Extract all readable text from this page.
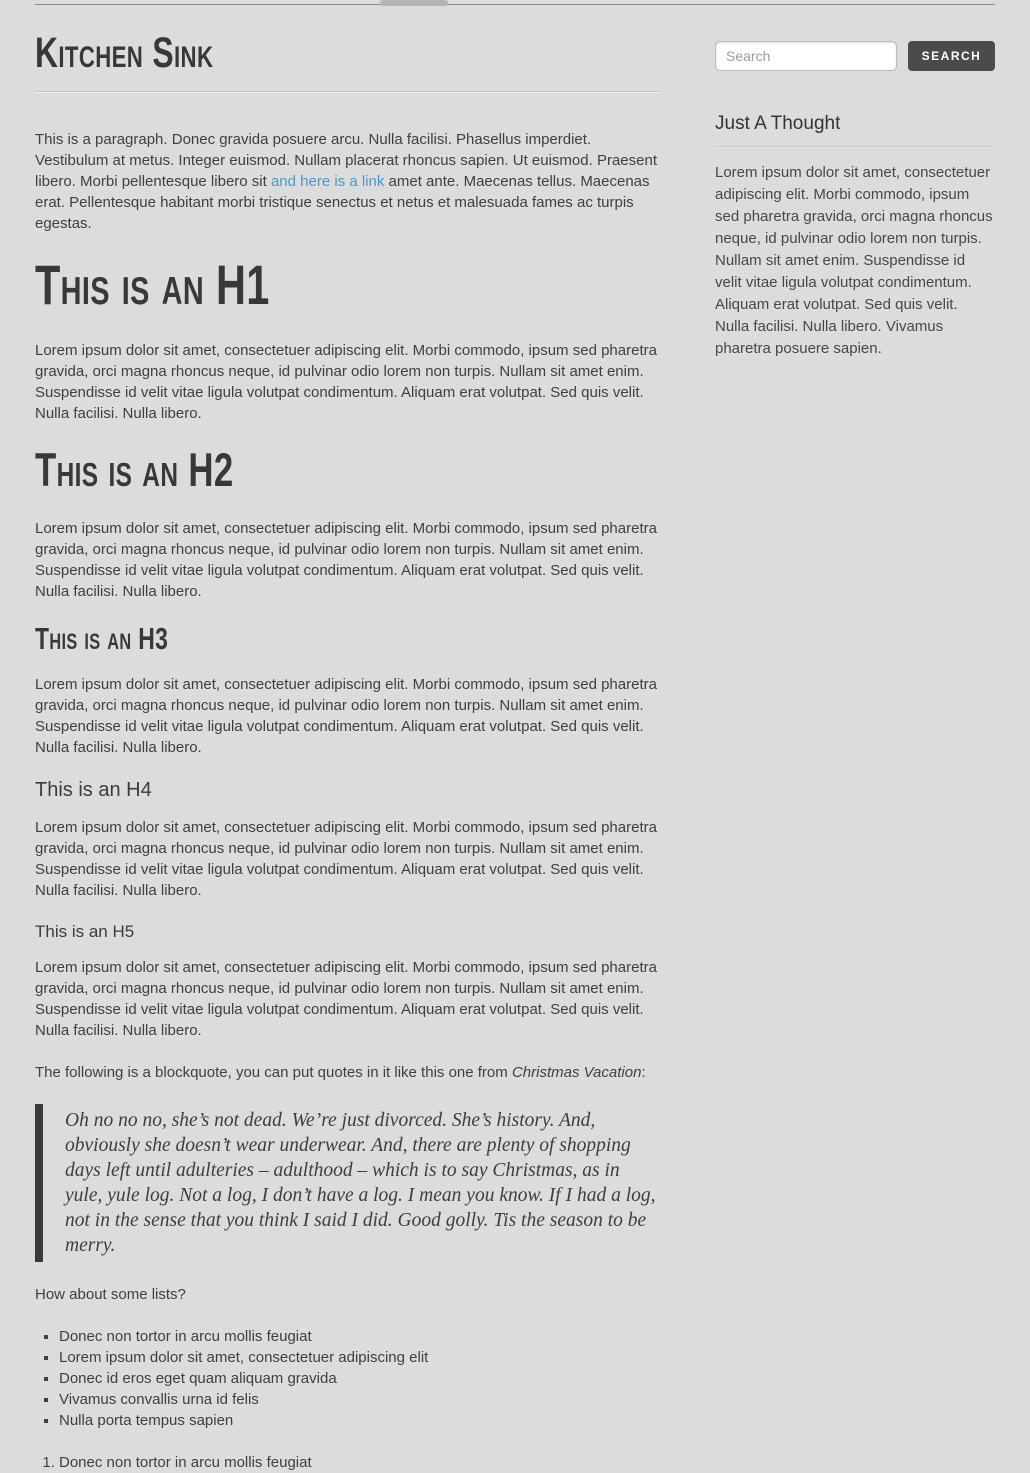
Kitchen Sink

This is a paragraph. Donec gravida posuere arcu. Nulla facilisi. Phasellus imperdiet. Vestibulum at metus. Integer euismod. Nullam placerat rhoncus sapien. Ut euismod. Praesent libero. Morbi pellentesque libero sit and here is a link amet ante. Maecenas tellus. Maecenas erat. Pellentesque habitant morbi tristique senectus et netus et malesuada fames ac turpis egestas.

This is an H1

Lorem ipsum dolor sit amet, consectetuer adipiscing elit. Morbi commodo, ipsum sed pharetra gravida, orci magna rhoncus neque, id pulvinar odio lorem non turpis. Nullam sit amet enim. Suspendisse id velit vitae ligula volutpat condimentum. Aliquam erat volutpat. Sed quis velit. Nulla facilisi. Nulla libero.

This is an H2

Lorem ipsum dolor sit amet, consectetuer adipiscing elit. Morbi commodo, ipsum sed pharetra gravida, orci magna rhoncus neque, id pulvinar odio lorem non turpis. Nullam sit amet enim. Suspendisse id velit vitae ligula volutpat condimentum. Aliquam erat volutpat. Sed quis velit. Nulla facilisi. Nulla libero.

This is an H3

Lorem ipsum dolor sit amet, consectetuer adipiscing elit. Morbi commodo, ipsum sed pharetra gravida, orci magna rhoncus neque, id pulvinar odio lorem non turpis. Nullam sit amet enim. Suspendisse id velit vitae ligula volutpat condimentum. Aliquam erat volutpat. Sed quis velit. Nulla facilisi. Nulla libero.

This is an H4

Lorem ipsum dolor sit amet, consectetuer adipiscing elit. Morbi commodo, ipsum sed pharetra gravida, orci magna rhoncus neque, id pulvinar odio lorem non turpis. Nullam sit amet enim. Suspendisse id velit vitae ligula volutpat condimentum. Aliquam erat volutpat. Sed quis velit. Nulla facilisi. Nulla libero.

This is an H5

Lorem ipsum dolor sit amet, consectetuer adipiscing elit. Morbi commodo, ipsum sed pharetra gravida, orci magna rhoncus neque, id pulvinar odio lorem non turpis. Nullam sit amet enim. Suspendisse id velit vitae ligula volutpat condimentum. Aliquam erat volutpat. Sed quis velit. Nulla facilisi. Nulla libero.

The following is a blockquote, you can put quotes in it like this one from Christmas Vacation:

Oh no no no, she’s not dead. We’re just divorced. She’s history. And, obviously she doesn’t wear underwear. And, there are plenty of shopping days left until adulteries – adulthood – which is to say Christmas, as in yule, yule log. Not a log, I don’t have a log. I mean you know. If I had a log, not in the sense that you think I said I did. Good golly. Tis the season to be merry.

How about some lists?

▪ Donec non tortor in arcu mollis feugiat
▪ Lorem ipsum dolor sit amet, consectetuer adipiscing elit
▪ Donec id eros eget quam aliquam gravida
▪ Vivamus convallis urna id felis
▪ Nulla porta tempus sapien
1. Donec non tortor in arcu mollis feugiat
Search
SEARCH
Just A Thought

Lorem ipsum dolor sit amet, consectetuer adipiscing elit. Morbi commodo, ipsum sed pharetra gravida, orci magna rhoncus neque, id pulvinar odio lorem non turpis. Nullam sit amet enim. Suspendisse id velit vitae ligula volutpat condimentum. Aliquam erat volutpat. Sed quis velit. Nulla facilisi. Nulla libero. Vivamus pharetra posuere sapien.
